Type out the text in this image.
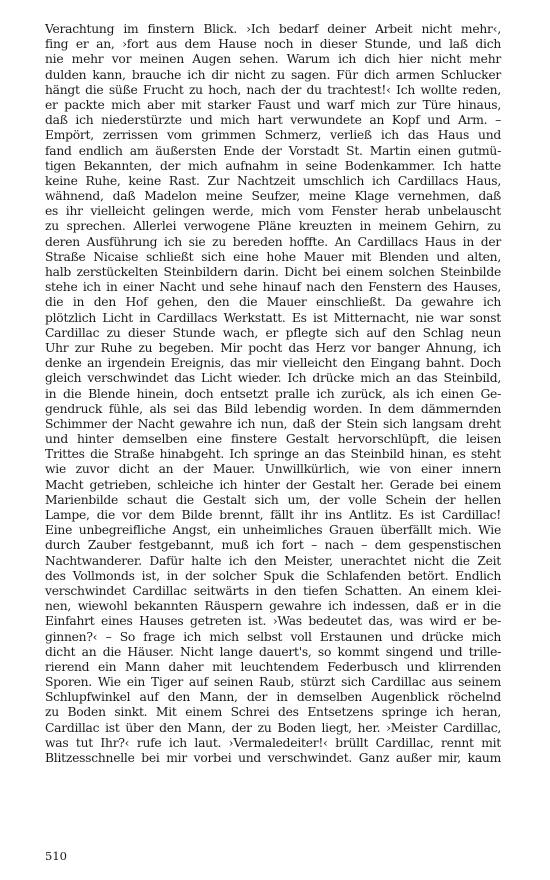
Verachtung im finstern Blick. ›Ich bedarf deiner Arbeit nicht mehr‹,
fing er an, ›fort aus dem Hause noch in dieser Stunde, und laß dich
nie mehr vor meinen Augen sehen. Warum ich dich hier nicht mehr
dulden kann, brauche ich dir nicht zu sagen. Für dich armen Schlucker
hängt die süße Frucht zu hoch, nach der du trachtest!‹ Ich wollte reden,
er packte mich aber mit starker Faust und warf mich zur Türe hinaus,
daß ich niederstürzte und mich hart verwundete an Kopf und Arm. –
Empört, zerrissen vom grimmen Schmerz, verließ ich das Haus und
fand endlich am äußersten Ende der Vorstadt St. Martin einen gutmü-
tigen Bekannten, der mich aufnahm in seine Bodenkammer. Ich hatte
keine Ruhe, keine Rast. Zur Nachtzeit umschlich ich Cardillacs Haus,
wähnend, daß Madelon meine Seufzer, meine Klage vernehmen, daß
es ihr vielleicht gelingen werde, mich vom Fenster herab unbelauscht
zu sprechen. Allerlei verwogene Pläne kreuzten in meinem Gehirn, zu
deren Ausführung ich sie zu bereden hoffte. An Cardillacs Haus in der
Straße Nicaise schließt sich eine hohe Mauer mit Blenden und alten,
halb zerstückelten Steinbildern darin. Dicht bei einem solchen Steinbilde
stehe ich in einer Nacht und sehe hinauf nach den Fenstern des Hauses,
die in den Hof gehen, den die Mauer einschließt. Da gewahre ich
plötzlich Licht in Cardillacs Werkstatt. Es ist Mitternacht, nie war sonst
Cardillac zu dieser Stunde wach, er pflegte sich auf den Schlag neun
Uhr zur Ruhe zu begeben. Mir pocht das Herz vor banger Ahnung, ich
denke an irgendein Ereignis, das mir vielleicht den Eingang bahnt. Doch
gleich verschwindet das Licht wieder. Ich drücke mich an das Steinbild,
in die Blende hinein, doch entsetzt pralle ich zurück, als ich einen Ge-
gendruck fühle, als sei das Bild lebendig worden. In dem dämmernden
Schimmer der Nacht gewahre ich nun, daß der Stein sich langsam dreht
und hinter demselben eine finstere Gestalt hervorschlüpft, die leisen
Trittes die Straße hinabgeht. Ich springe an das Steinbild hinan, es steht
wie zuvor dicht an der Mauer. Unwillkürlich, wie von einer innern
Macht getrieben, schleiche ich hinter der Gestalt her. Gerade bei einem
Marienbilde schaut die Gestalt sich um, der volle Schein der hellen
Lampe, die vor dem Bilde brennt, fällt ihr ins Antlitz. Es ist Cardillac!
Eine unbegreifliche Angst, ein unheimliches Grauen überfällt mich. Wie
durch Zauber festgebannt, muß ich fort – nach – dem gespenstischen
Nachtwanderer. Dafür halte ich den Meister, unerachtet nicht die Zeit
des Vollmonds ist, in der solcher Spuk die Schlafenden betört. Endlich
verschwindet Cardillac seitwärts in den tiefen Schatten. An einem klei-
nen, wiewohl bekannten Räuspern gewahre ich indessen, daß er in die
Einfahrt eines Hauses getreten ist. ›Was bedeutet das, was wird er be-
ginnen?‹ – So frage ich mich selbst voll Erstaunen und drücke mich
dicht an die Häuser. Nicht lange dauert's, so kommt singend und trille-
rierend ein Mann daher mit leuchtendem Federbusch und klirrenden
Sporen. Wie ein Tiger auf seinen Raub, stürzt sich Cardillac aus seinem
Schlupfwinkel auf den Mann, der in demselben Augenblick röchelnd
zu Boden sinkt. Mit einem Schrei des Entsetzens springe ich heran,
Cardillac ist über den Mann, der zu Boden liegt, her. ›Meister Cardillac,
was tut Ihr?‹ rufe ich laut. ›Vermaledeiter!‹ brüllt Cardillac, rennt mit
Blitzesschnelle bei mir vorbei und verschwindet. Ganz außer mir, kaum
510
